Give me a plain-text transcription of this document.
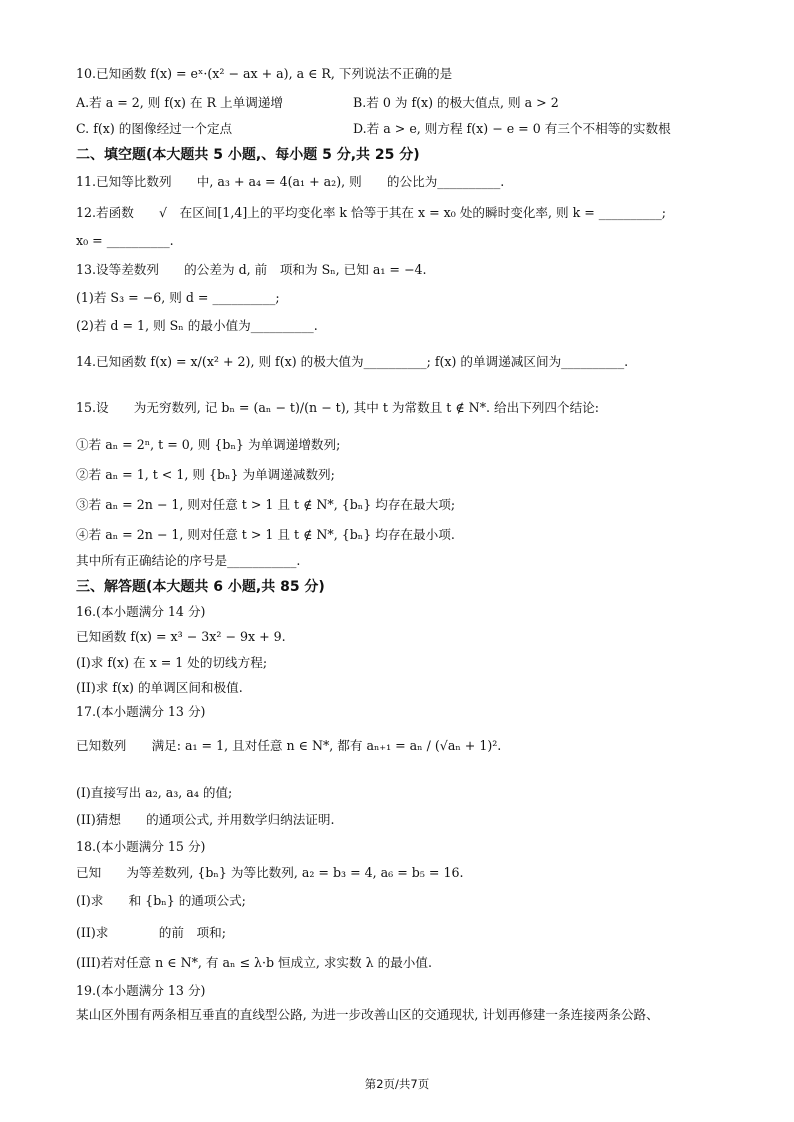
10.已知函数 f(x) = eˣ·(x² − ax + a), a ∈ R, 下列说法不正确的是
A.若 a = 2, 则 f(x) 在 R 上单调递增	B.若 0 为 f(x) 的极大值点, 则 a > 2
C. f(x) 的图像经过一个定点	D.若 a > e, 则方程 f(x) − e = 0 有三个不相等的实数根
二、填空题(本大题共 5 小题,、每小题 5 分,共 25 分)
11.已知等比数列　　中, a₃ + a₄ = 4(a₁ + a₂), 则　　的公比为__________.
12.若函数　　√　在区间[1,4]上的平均变化率 k 恰等于其在 x = x₀ 处的瞬时变化率, 则 k = __________;
x₀ = __________.
13.设等差数列　　的公差为 d, 前　项和为 Sₙ, 已知 a₁ = −4.
(1)若 S₃ = −6, 则 d = __________;
(2)若 d = 1, 则 Sₙ 的最小值为__________.
14.已知函数 f(x) = x/(x² + 2), 则 f(x) 的极大值为__________; f(x) 的单调递减区间为__________.
15.设　　为无穷数列, 记 bₙ = (aₙ − t)/(n − t), 其中 t 为常数且 t ∉ N*. 给出下列四个结论:
①若 aₙ = 2ⁿ, t = 0, 则 {bₙ} 为单调递增数列;
②若 aₙ = 1, t < 1, 则 {bₙ} 为单调递减数列;
③若 aₙ = 2n − 1, 则对任意 t > 1 且 t ∉ N*, {bₙ} 均存在最大项;
④若 aₙ = 2n − 1, 则对任意 t > 1 且 t ∉ N*, {bₙ} 均存在最小项.
其中所有正确结论的序号是___________.
三、解答题(本大题共 6 小题,共 85 分)
16.(本小题满分 14 分)
已知函数 f(x) = x³ − 3x² − 9x + 9.
(I)求 f(x) 在 x = 1 处的切线方程;
(II)求 f(x) 的单调区间和极值.
17.(本小题满分 13 分)
已知数列　　满足: a₁ = 1, 且对任意 n ∈ N*, 都有 aₙ₊₁ = aₙ / (√aₙ + 1)².
(I)直接写出 a₂, a₃, a₄ 的值;
(II)猜想　　的通项公式, 并用数学归纳法证明.
18.(本小题满分 15 分)
已知　　为等差数列, {bₙ} 为等比数列, a₂ = b₃ = 4, a₆ = b₅ = 16.
(I)求　　和 {bₙ} 的通项公式;
(II)求　　　　的前　项和;
(III)若对任意 n ∈ N*, 有 aₙ ≤ λ·b 恒成立, 求实数 λ 的最小值.
19.(本小题满分 13 分)
某山区外围有两条相互垂直的直线型公路, 为进一步改善山区的交通现状, 计划再修建一条连接两条公路、
第2页/共7页
